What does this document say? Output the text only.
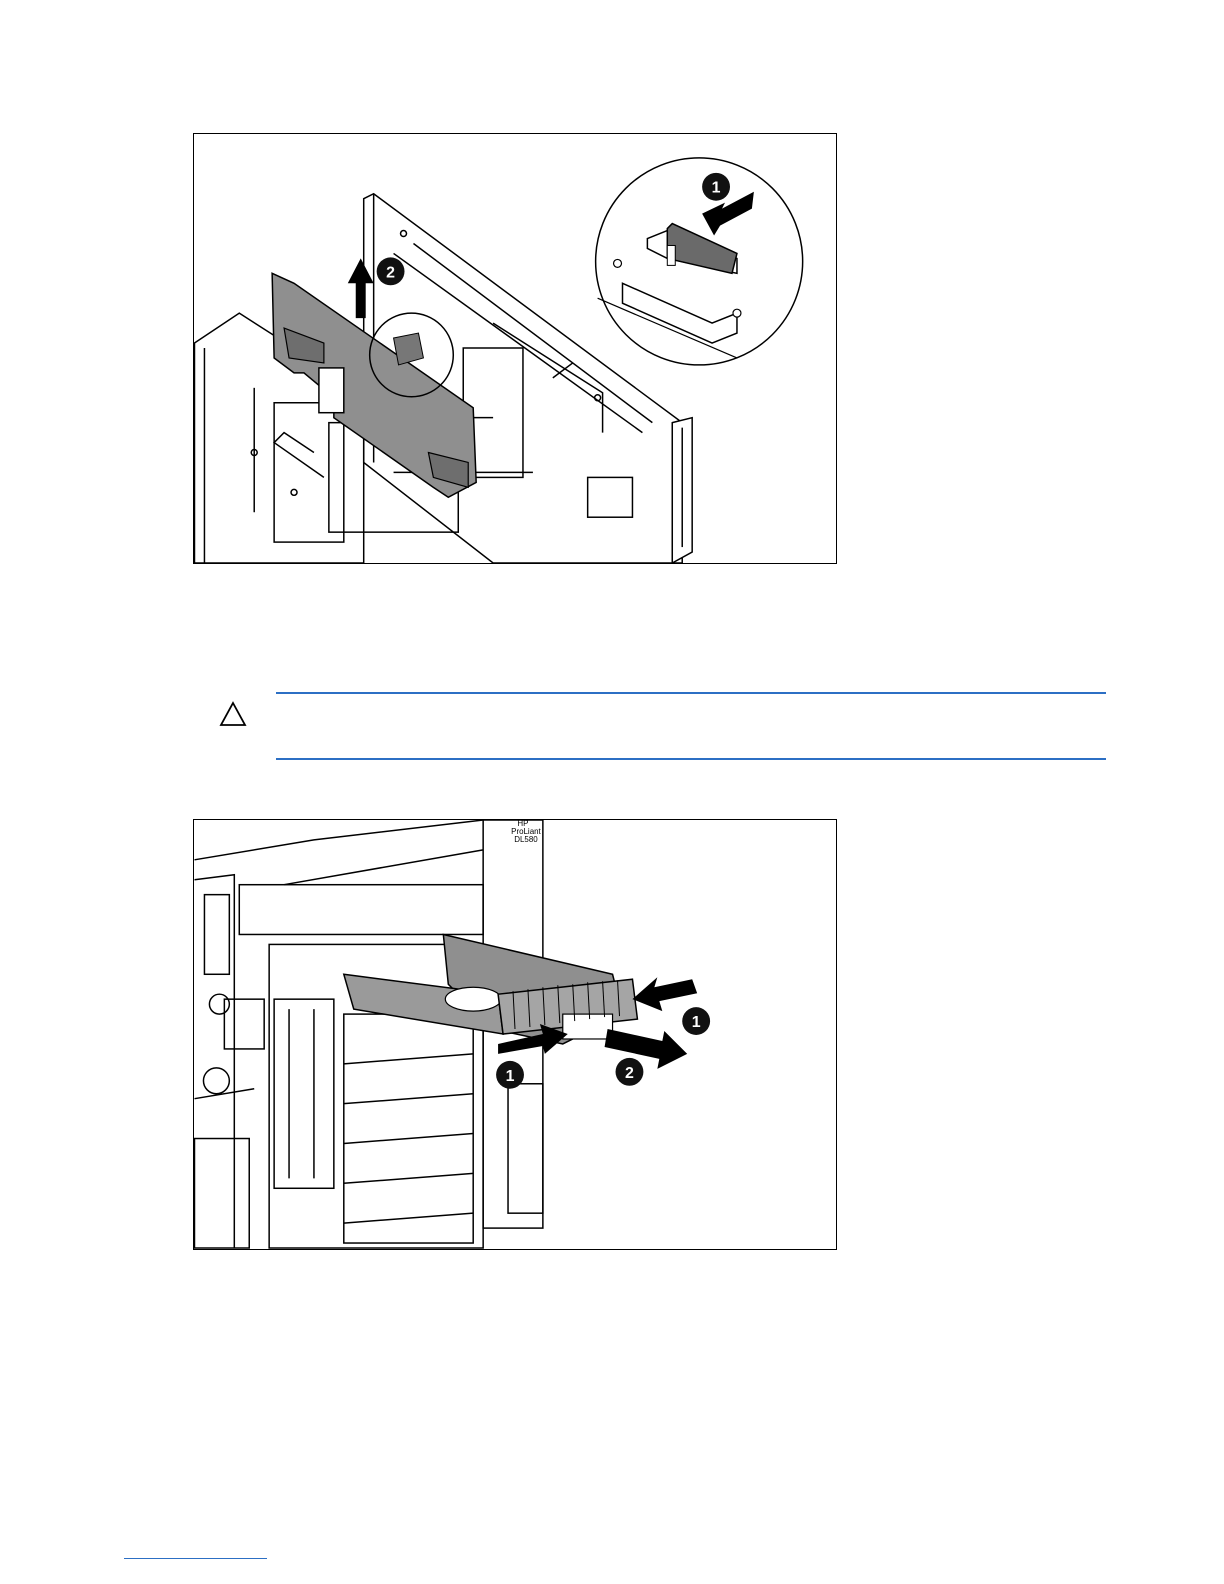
2
1
HP
ProLiant
DL580
1
1
2
